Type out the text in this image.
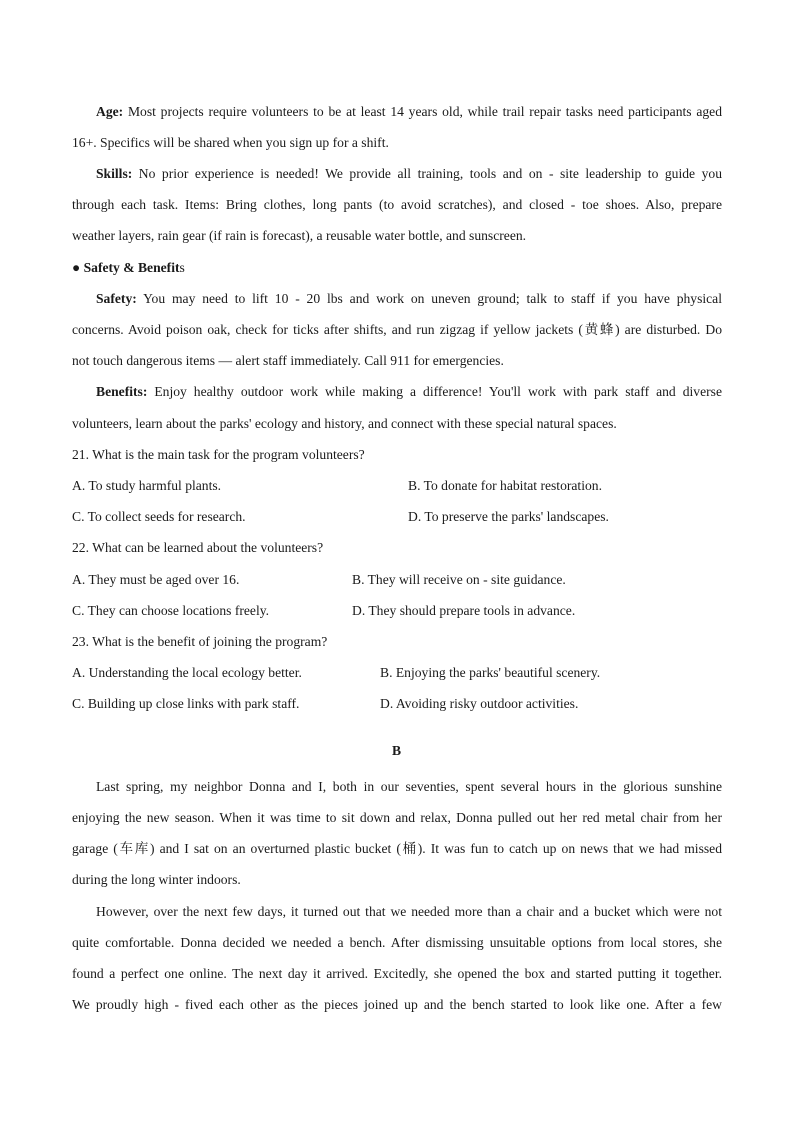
Age: Most projects require volunteers to be at least 14 years old, while trail repair tasks need participants aged
16+. Specifics will be shared when you sign up for a shift.
Skills: No prior experience is needed! We provide all training, tools and on - site leadership to guide you
through each task. Items: Bring clothes, long pants (to avoid scratches), and closed - toe shoes. Also, prepare
weather layers, rain gear (if rain is forecast), a reusable water bottle, and sunscreen.
● Safety & Benefits
Safety: You may need to lift 10 - 20 lbs and work on uneven ground; talk to staff if you have physical
concerns. Avoid poison oak, check for ticks after shifts, and run zigzag if yellow jackets (黄蜂) are disturbed. Do
not touch dangerous items — alert staff immediately. Call 911 for emergencies.
Benefits: Enjoy healthy outdoor work while making a difference! You'll work with park staff and diverse
volunteers, learn about the parks' ecology and history, and connect with these special natural spaces.
21. What is the main task for the program volunteers?
A. To study harmful plants.	B. To donate for habitat restoration.
C. To collect seeds for research.	D. To preserve the parks' landscapes.
22. What can be learned about the volunteers?
A. They must be aged over 16.	B. They will receive on - site guidance.
C. They can choose locations freely.	D. They should prepare tools in advance.
23. What is the benefit of joining the program?
A. Understanding the local ecology better.	B. Enjoying the parks' beautiful scenery.
C. Building up close links with park staff.	D. Avoiding risky outdoor activities.
B
Last spring, my neighbor Donna and I, both in our seventies, spent several hours in the glorious sunshine
enjoying the new season. When it was time to sit down and relax, Donna pulled out her red metal chair from her
garage (车库) and I sat on an overturned plastic bucket (桶). It was fun to catch up on news that we had missed
during the long winter indoors.
However, over the next few days, it turned out that we needed more than a chair and a bucket which were not
quite comfortable. Donna decided we needed a bench. After dismissing unsuitable options from local stores, she
found a perfect one online. The next day it arrived. Excitedly, she opened the box and started putting it together.
We proudly high - fived each other as the pieces joined up and the bench started to look like one. After a few
